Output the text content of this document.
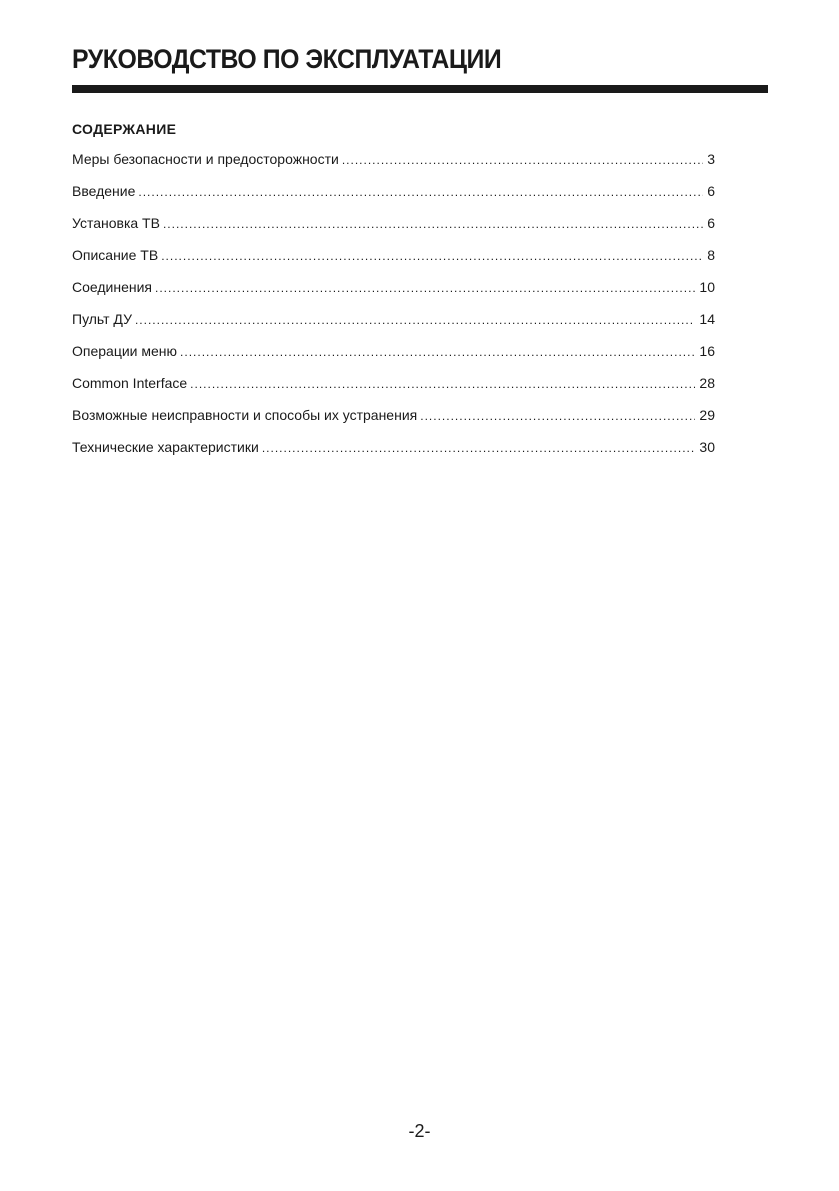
РУКОВОДСТВО ПО ЭКСПЛУАТАЦИИ
СОДЕРЖАНИЕ
Меры безопасности и предосторожности .....	3
Введение .....	6
Установка ТВ .....	6
Описание ТВ .....	8
Соединения .....	10
Пульт ДУ .....	14
Операции меню .....	16
Common Interface .....	28
Возможные неисправности и способы их устранения .....	29
Технические характеристики .....	30
-2-
